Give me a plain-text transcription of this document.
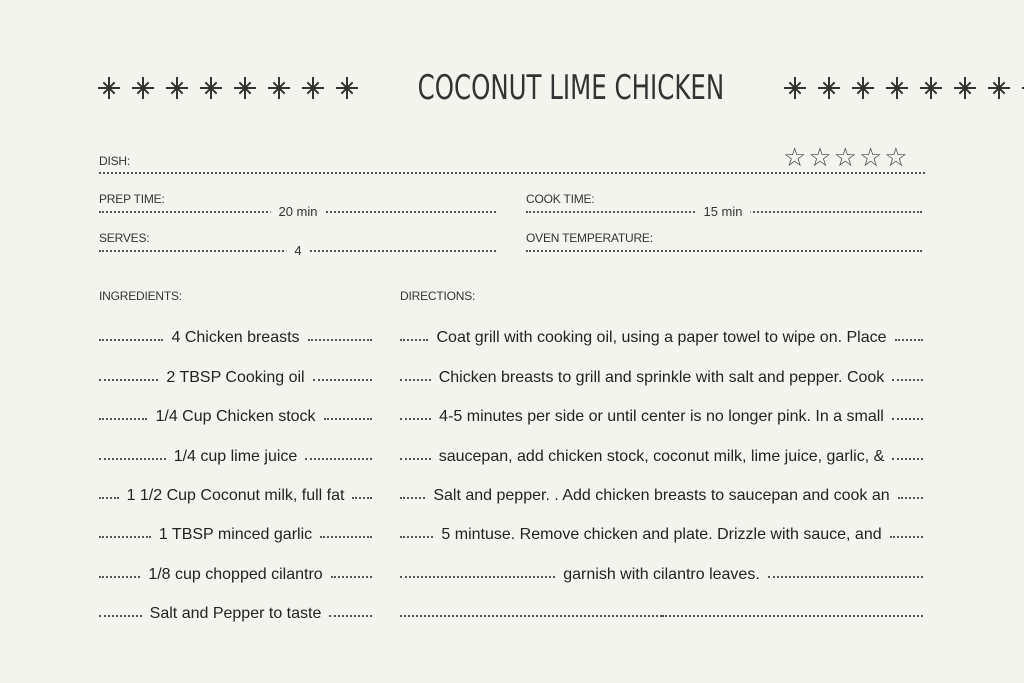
COCONUT LIME CHICKEN
DISH:	☆ ☆ ☆ ☆ ☆
PREP TIME:
20 min
COOK TIME:
15 min
SERVES:
4
OVEN TEMPERATURE:
INGREDIENTS:	DIRECTIONS:
4 Chicken breasts
2 TBSP Cooking oil
1/4 Cup Chicken stock
1/4 cup lime juice
1 1/2 Cup Coconut milk, full fat
1 TBSP minced garlic
1/8 cup chopped cilantro
Salt and Pepper to taste
Coat grill with cooking oil, using a paper towel to wipe on. Place
Chicken breasts to grill and sprinkle with salt and pepper. Cook
4-5 minutes per side or until center is no longer pink. In a small
saucepan, add chicken stock, coconut milk, lime juice, garlic, &
Salt and pepper. . Add chicken breasts to saucepan and cook an
5 mintuse. Remove chicken and plate. Drizzle with sauce, and
garnish with cilantro leaves.
